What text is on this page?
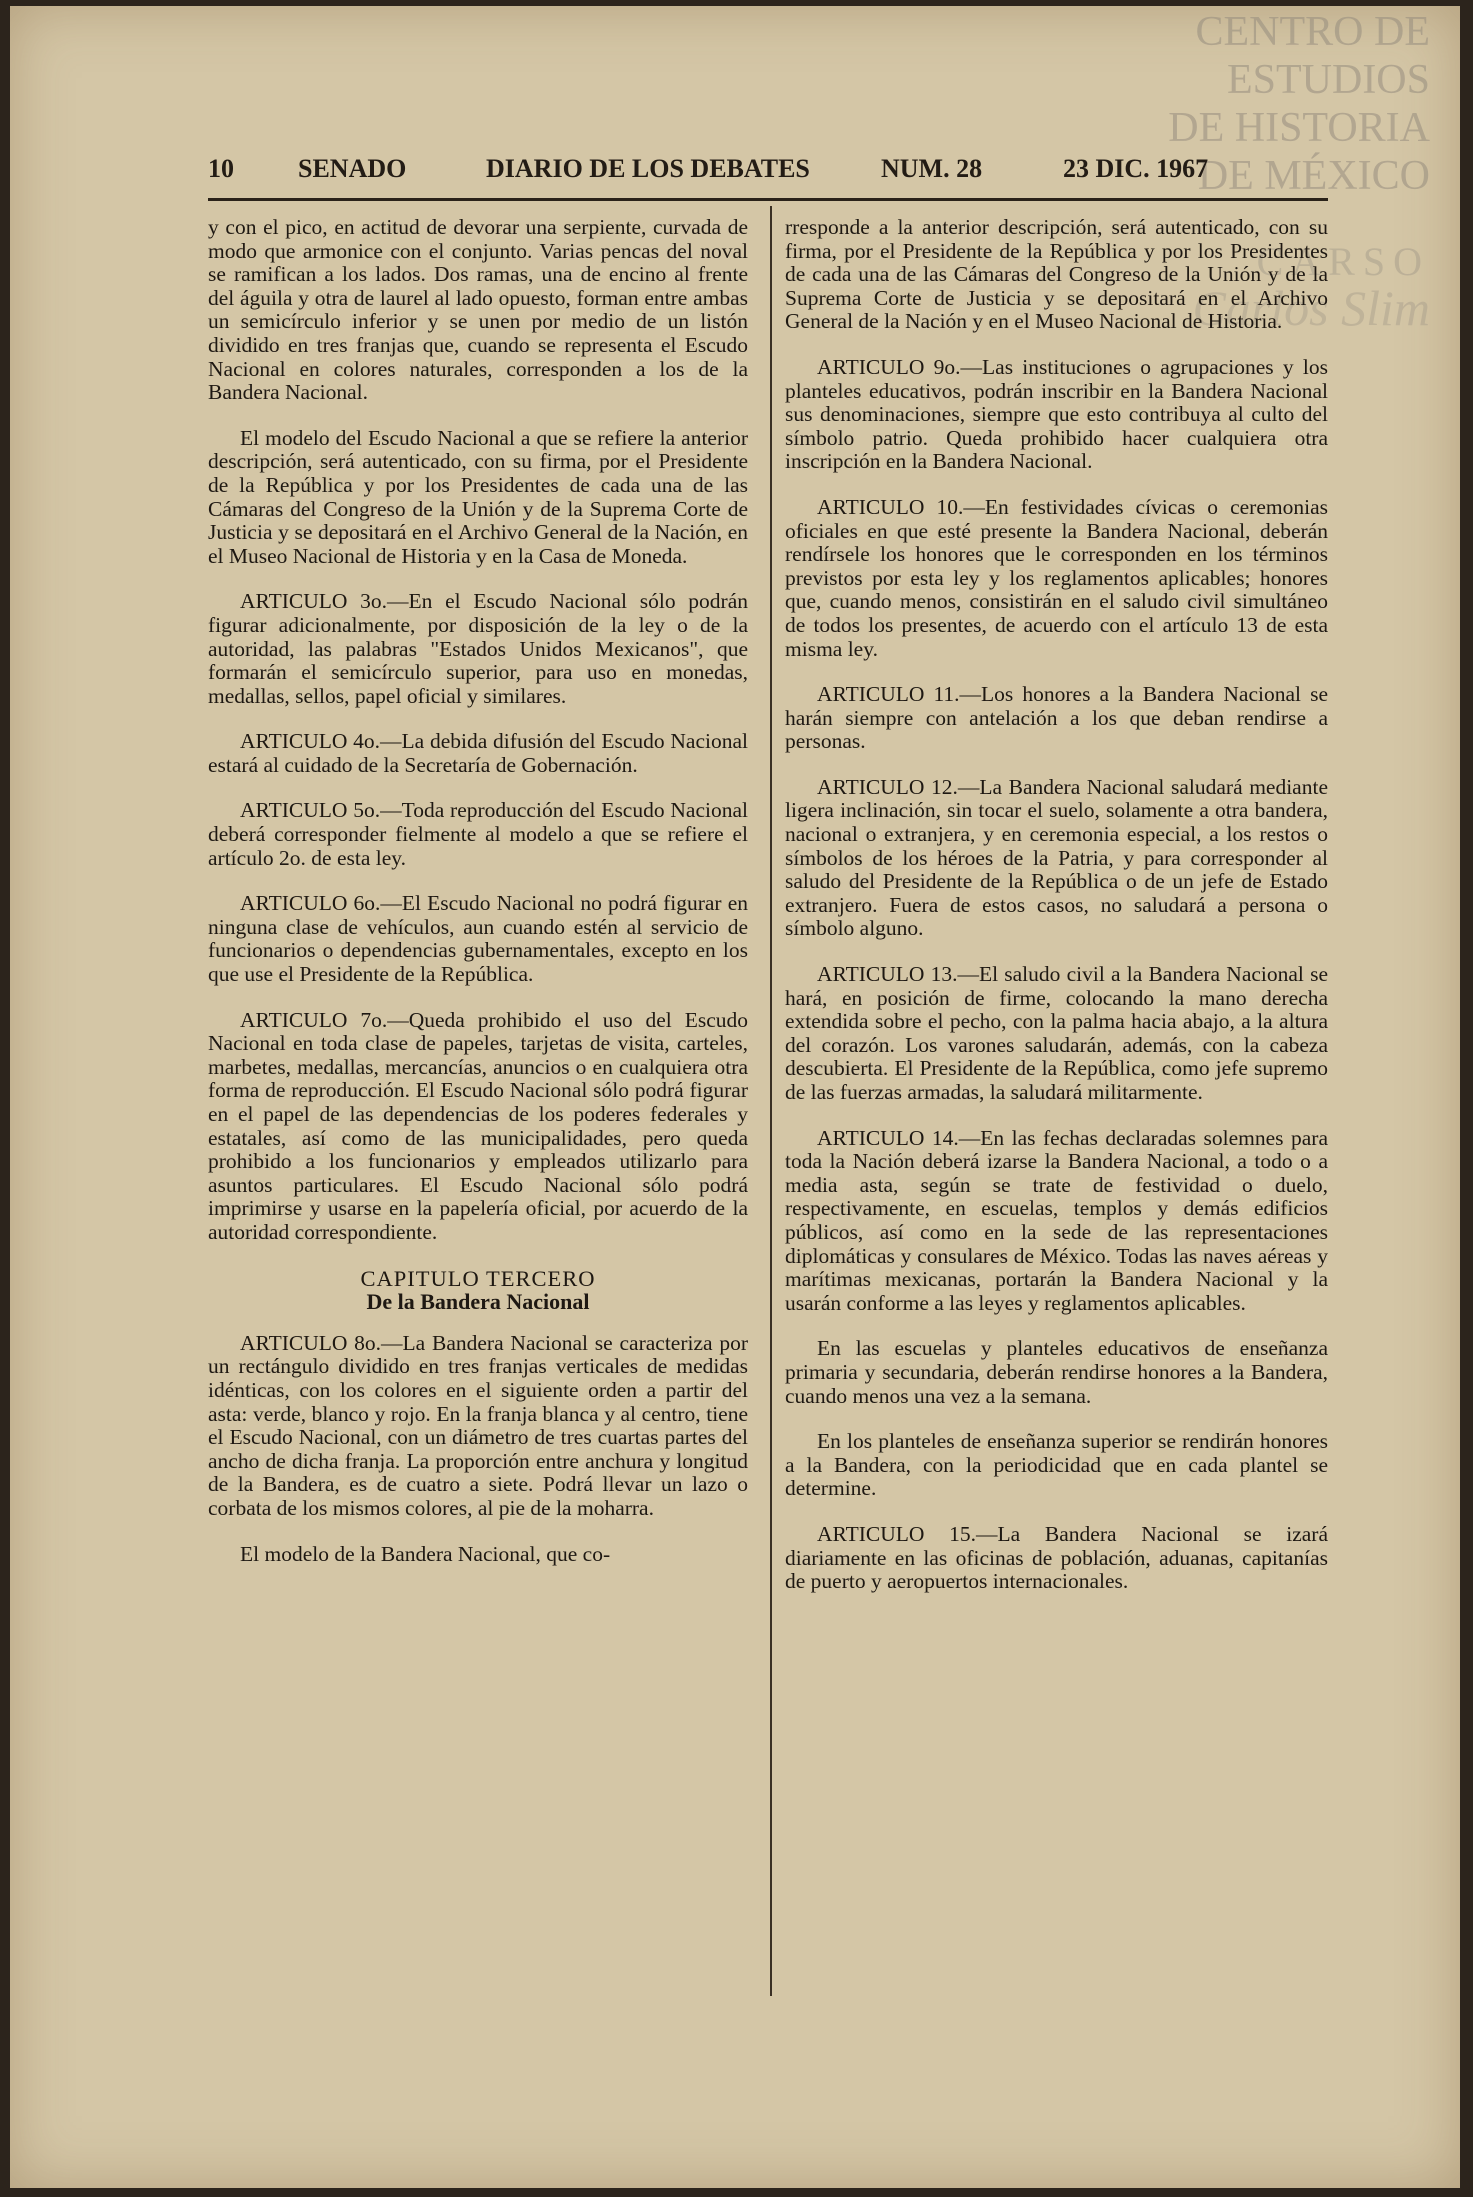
CENTRO DE
ESTUDIOS
DE HISTORIA
DE MÉXICO
CARSO
Carlos Slim
10 SENADO	DIARIO DE LOS DEBATES	NUM. 28	23 DIC. 1967

y con el pico, en actitud de devorar una serpiente, curvada de modo que armonice con el conjunto. Varias pencas del noval se ramifican a los lados. Dos ramas, una de encino al frente del águila y otra de laurel al lado opuesto, forman entre ambas un semicírculo inferior y se unen por medio de un listón dividido en tres franjas que, cuando se representa el Escudo Nacional en colores naturales, corresponden a los de la Bandera Nacional.

El modelo del Escudo Nacional a que se refiere la anterior descripción, será autenticado, con su firma, por el Presidente de la República y por los Presidentes de cada una de las Cámaras del Congreso de la Unión y de la Suprema Corte de Justicia y se depositará en el Archivo General de la Nación, en el Museo Nacional de Historia y en la Casa de Moneda.

ARTICULO 3o.—En el Escudo Nacional sólo podrán figurar adicionalmente, por disposición de la ley o de la autoridad, las palabras "Estados Unidos Mexicanos", que formarán el semicírculo superior, para uso en monedas, medallas, sellos, papel oficial y similares.

ARTICULO 4o.—La debida difusión del Escudo Nacional estará al cuidado de la Secretaría de Gobernación.

ARTICULO 5o.—Toda reproducción del Escudo Nacional deberá corresponder fielmente al modelo a que se refiere el artículo 2o. de esta ley.

ARTICULO 6o.—El Escudo Nacional no podrá figurar en ninguna clase de vehículos, aun cuando estén al servicio de funcionarios o dependencias gubernamentales, excepto en los que use el Presidente de la República.

ARTICULO 7o.—Queda prohibido el uso del Escudo Nacional en toda clase de papeles, tarjetas de visita, carteles, marbetes, medallas, mercancías, anuncios o en cualquiera otra forma de reproducción. El Escudo Nacional sólo podrá figurar en el papel de las dependencias de los poderes federales y estatales, así como de las municipalidades, pero queda prohibido a los funcionarios y empleados utilizarlo para asuntos particulares. El Escudo Nacional sólo podrá imprimirse y usarse en la papelería oficial, por acuerdo de la autoridad correspondiente.

CAPITULO TERCERO
De la Bandera Nacional

ARTICULO 8o.—La Bandera Nacional se caracteriza por un rectángulo dividido en tres franjas verticales de medidas idénticas, con los colores en el siguiente orden a partir del asta: verde, blanco y rojo. En la franja blanca y al centro, tiene el Escudo Nacional, con un diámetro de tres cuartas partes del ancho de dicha franja. La proporción entre anchura y longitud de la Bandera, es de cuatro a siete. Podrá llevar un lazo o corbata de los mismos colores, al pie de la moharra.

El modelo de la Bandera Nacional, que co-

rresponde a la anterior descripción, será autenticado, con su firma, por el Presidente de la República y por los Presidentes de cada una de las Cámaras del Congreso de la Unión y de la Suprema Corte de Justicia y se depositará en el Archivo General de la Nación y en el Museo Nacional de Historia.

ARTICULO 9o.—Las instituciones o agrupaciones y los planteles educativos, podrán inscribir en la Bandera Nacional sus denominaciones, siempre que esto contribuya al culto del símbolo patrio. Queda prohibido hacer cualquiera otra inscripción en la Bandera Nacional.

ARTICULO 10.—En festividades cívicas o ceremonias oficiales en que esté presente la Bandera Nacional, deberán rendírsele los honores que le corresponden en los términos previstos por esta ley y los reglamentos aplicables; honores que, cuando menos, consistirán en el saludo civil simultáneo de todos los presentes, de acuerdo con el artículo 13 de esta misma ley.

ARTICULO 11.—Los honores a la Bandera Nacional se harán siempre con antelación a los que deban rendirse a personas.

ARTICULO 12.—La Bandera Nacional saludará mediante ligera inclinación, sin tocar el suelo, solamente a otra bandera, nacional o extranjera, y en ceremonia especial, a los restos o símbolos de los héroes de la Patria, y para corresponder al saludo del Presidente de la República o de un jefe de Estado extranjero. Fuera de estos casos, no saludará a persona o símbolo alguno.

ARTICULO 13.—El saludo civil a la Bandera Nacional se hará, en posición de firme, colocando la mano derecha extendida sobre el pecho, con la palma hacia abajo, a la altura del corazón. Los varones saludarán, además, con la cabeza descubierta. El Presidente de la República, como jefe supremo de las fuerzas armadas, la saludará militarmente.

ARTICULO 14.—En las fechas declaradas solemnes para toda la Nación deberá izarse la Bandera Nacional, a todo o a media asta, según se trate de festividad o duelo, respectivamente, en escuelas, templos y demás edificios públicos, así como en la sede de las representaciones diplomáticas y consulares de México. Todas las naves aéreas y marítimas mexicanas, portarán la Bandera Nacional y la usarán conforme a las leyes y reglamentos aplicables.

En las escuelas y planteles educativos de enseñanza primaria y secundaria, deberán rendirse honores a la Bandera, cuando menos una vez a la semana.

En los planteles de enseñanza superior se rendirán honores a la Bandera, con la periodicidad que en cada plantel se determine.

ARTICULO 15.—La Bandera Nacional se izará diariamente en las oficinas de población, aduanas, capitanías de puerto y aeropuertos internacionales.
